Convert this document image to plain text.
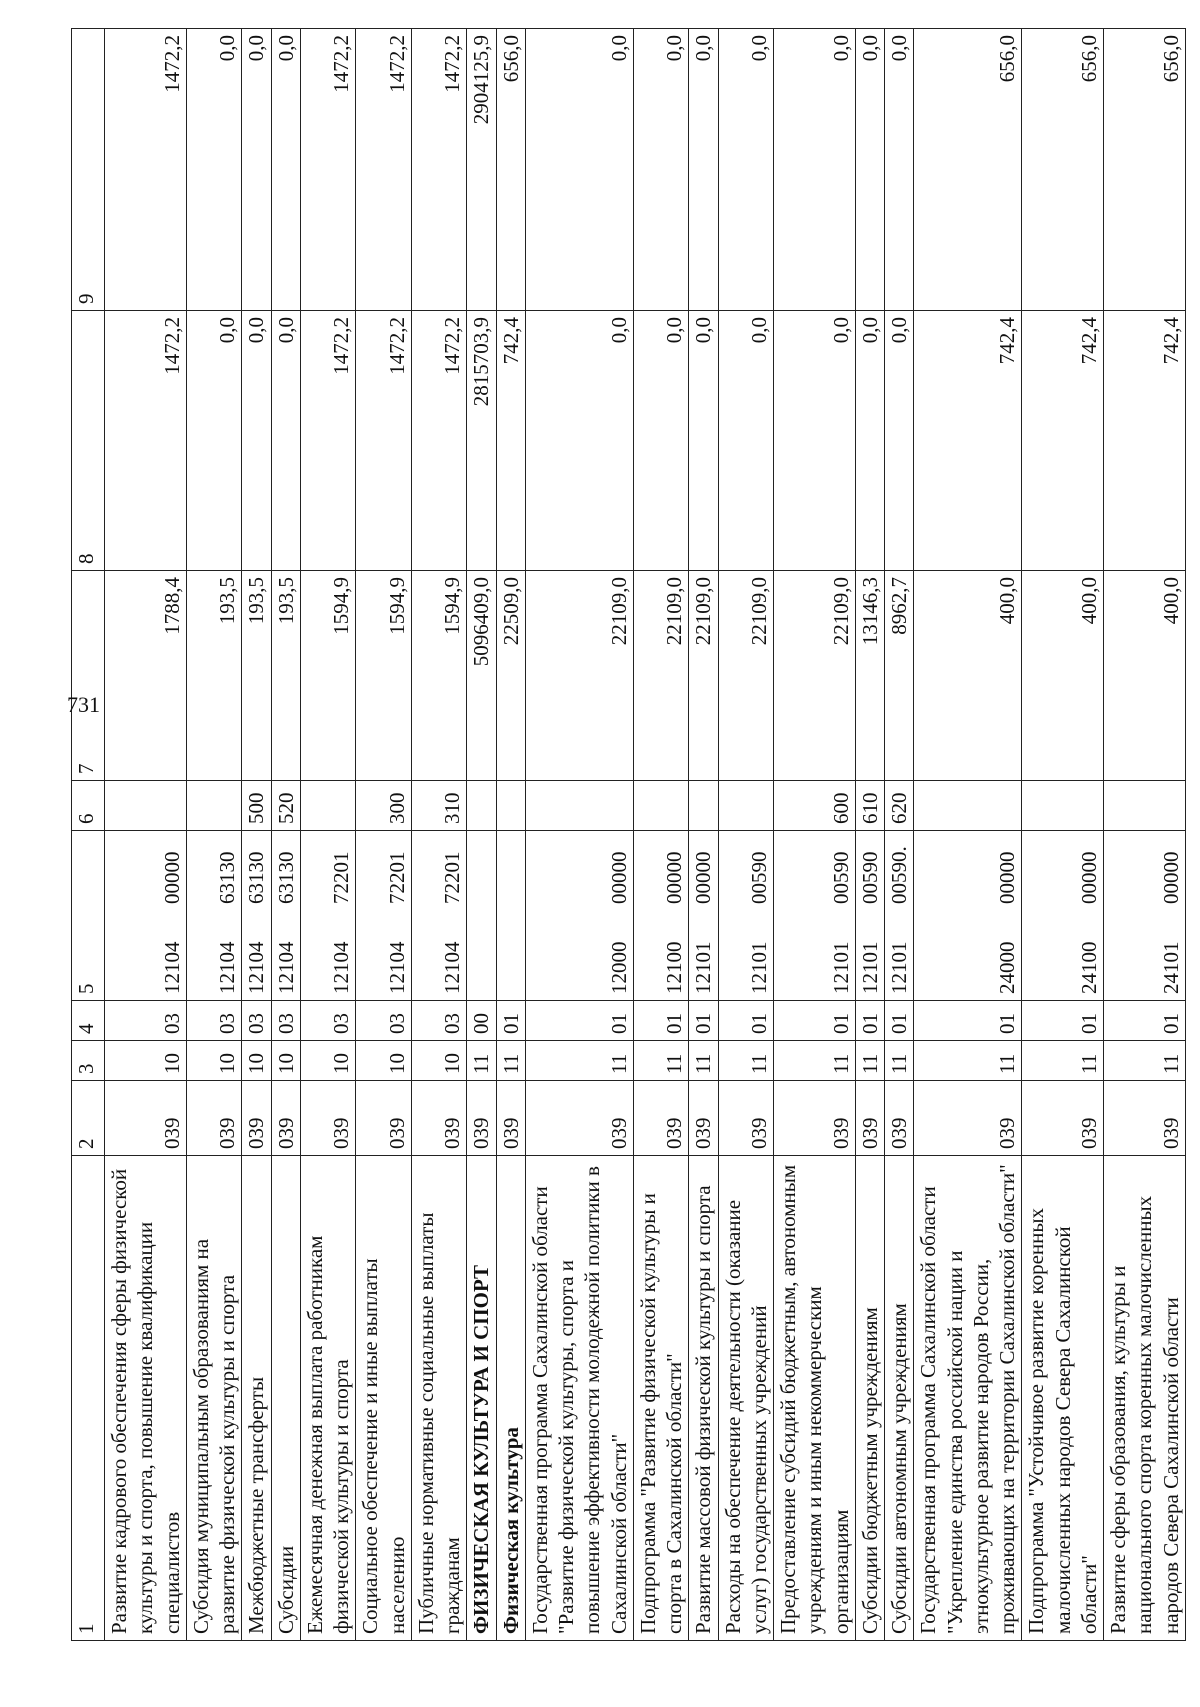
1	2	3	4	5	6	7	8	9
Развитие кадрового обеспечения сферы физической культуры и спорта, повышение квалификации специалистов	039	10	03	1210400000		1788,4	1472,2	1472,2
Субсидия муниципальным образованиям на развитие физической культуры и спорта	039	10	03	1210463130		193,5	0,0	0,0
Межбюджетные трансферты	039	10	03	1210463130	500	193,5	0,0	0,0
Субсидии	039	10	03	1210463130	520	193,5	0,0	0,0
Ежемесячная денежная выплата работникам физической культуры и спорта	039	10	03	1210472201		1594,9	1472,2	1472,2
Социальное обеспечение и иные выплаты населению	039	10	03	1210472201	300	1594,9	1472,2	1472,2
Публичные нормативные социальные выплаты гражданам	039	10	03	1210472201	310	1594,9	1472,2	1472,2
ФИЗИЧЕСКАЯ КУЛЬТУРА И СПОРТ	039	11	00			5096409,0	2815703,9	2904125,9
Физическая культура	039	11	01			22509,0	742,4	656,0
Государственная программа Сахалинской области "Развитие физической культуры, спорта и повышение эффективности молодежной политики в Сахалинской области"	039	11	01	1200000000		22109,0	0,0	0,0
Подпрограмма "Развитие физической культуры и спорта в Сахалинской области"	039	11	01	1210000000		22109,0	0,0	0,0
Развитие массовой физической культуры и спорта	039	11	01	1210100000		22109,0	0,0	0,0
Расходы на обеспечение деятельности (оказание услуг) государственных учреждений	039	11	01	1210100590		22109,0	0,0	0,0
Предоставление субсидий бюджетным, автономным учреждениям и иным некоммерческим организациям	039	11	01	1210100590	600	22109,0	0,0	0,0
Субсидии бюджетным учреждениям	039	11	01	1210100590	610	13146,3	0,0	0,0
Субсидии автономным учреждениям	039	11	01	1210100590.	620	8962,7	0,0	0,0
Государственная программа Сахалинской области "Укрепление единства российской нации и этнокультурное развитие народов России, проживающих на территории Сахалинской области"	039	11	01	2400000000		400,0	742,4	656,0
Подпрограмма "Устойчивое развитие коренных малочисленных народов Севера Сахалинской области"	039	11	01	2410000000		400,0	742,4	656,0
Развитие сферы образования, культуры и национального спорта коренных малочисленных народов Севера Сахалинской области	039	11	01	2410100000		400,0	742,4	656,0
731
